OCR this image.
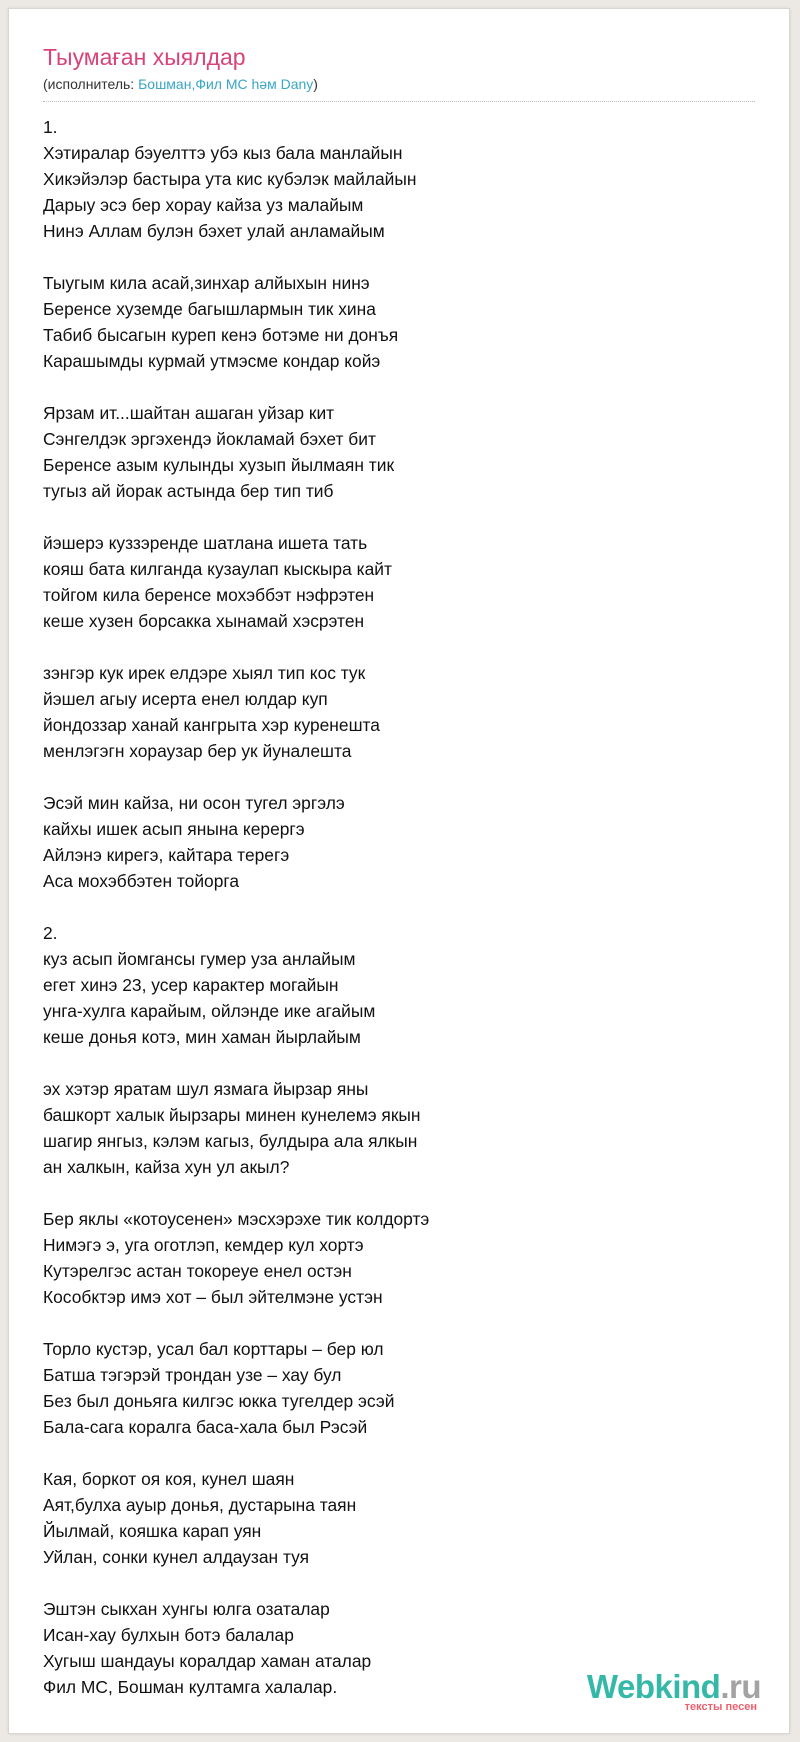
Тыумаған хыялдар
(исполнитель: Бошман,Фил МС һәм Dany)
1.
Хэтиралар бэуелттэ убэ кыз бала манлайын
Хикэйэлэр бастыра ута кис кубэлэк майлайын
Дарыу эсэ бер хорау кайза уз малайым
Нинэ Аллам булэн бэхет улай анламайым
Тыугым кила асай,зинхар алйыхын нинэ
Беренсе хуземде багышлармын тик хина
Табиб бысагын куреп кенэ ботэме ни донъя
Карашымды курмай утмэсме кондар койэ
Ярзам ит...шайтан ашаган уйзар кит
Сэнгелдэк эргэхендэ йокламай бэхет бит
Беренсе азым кулынды хузып йылмаян тик
тугыз ай йорак астында бер тип тиб
йэшерэ куззэренде шатлана ишета тать
кояш бата килганда кузаулап кыскыра кайт
тойгом кила беренсе мохэббэт нэфрэтен
кеше хузен борсакка хынамай хэсрэтен
зэнгэр кук ирек елдэре хыял тип кос тук
йэшел агыу исерта енел юлдар куп
йондоззар ханай кангрыта хэр куренешта
менлэгэгн хораузар бер ук йуналешта
Эсэй мин кайза, ни осон тугел эргэлэ
кайхы ишек асып янына керергэ
Айлэнэ кирегэ, кайтара терегэ
Аса мохэббэтен тойорга
2.
куз асып йомгансы гумер уза анлайым
егет хинэ 23, усер карактер могайын
унга-хулга карайым, ойлэнде ике агайым
кеше донья котэ, мин хаман йырлайым
эх хэтэр яратам шул язмага йырзар яны
башкорт халык йырзары минен кунелемэ якын
шагир янгыз, кэлэм кагыз, булдыра ала ялкын
ан халкын, кайза хун ул акыл?
Бер яклы «котоусенен» мэсхэрэхе тик колдортэ
Нимэгэ э, уга оготлэп, кемдер кул хортэ
Кутэрелгэс астан токореуе енел остэн
Кособктэр имэ хот – был эйтелмэне устэн
Торло кустэр, усал бал корттары – бер юл
Батша тэгэрэй трондан узе – хау бул
Без был доньяга килгэс юкка тугелдер эсэй
Бала-сага коралга баса-хала был Рэсэй
Кая, боркот оя коя, кунел шаян
Аят,булха ауыр донья, дустарына таян
Йылмай, кояшка карап уян
Уйлан, сонки кунел алдаузан туя
Эштэн сыкхан хунгы юлга озаталар
Исан-хау булхын ботэ балалар
Хугыш шандауы коралдар хаман аталар
Фил МС, Бошман култамга халалар.	Webkind.ru
тексты песен
